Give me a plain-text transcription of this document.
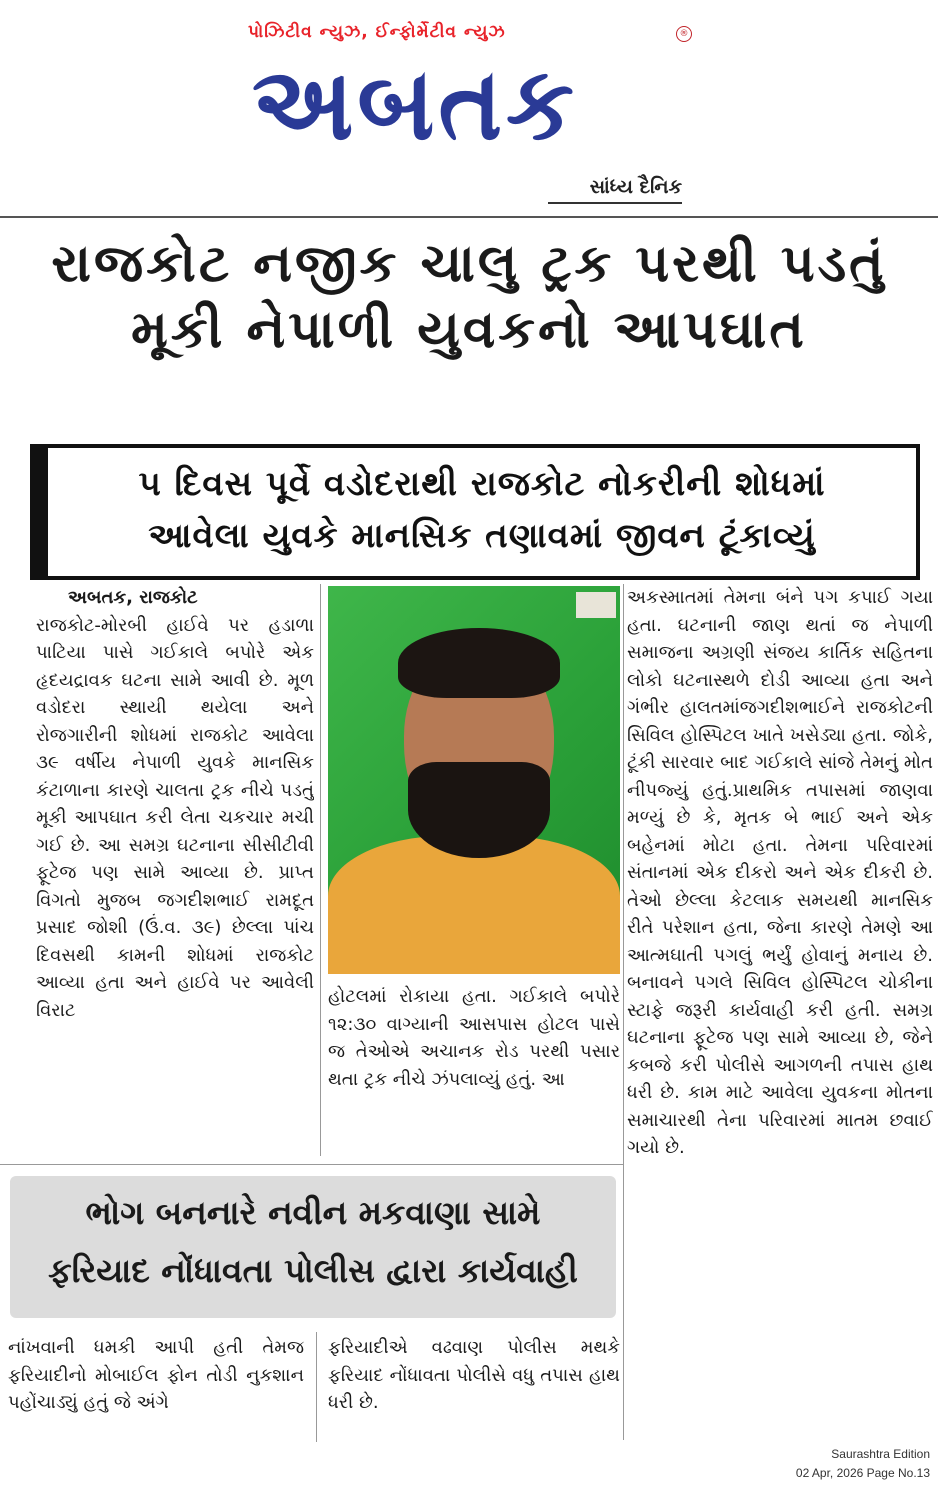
પોઝિટીવ ન્યુઝ, ઈન્ફોર્મેટીવ ન્યુઝ
અબતક
®
સાંધ્ય દૈનિક
રાજકોટ નજીક ચાલુ ટ્રક પરથી પડતું
મૂકી નેપાળી યુવકનો આપઘાત
૫ દિવસ પૂર્વે વડોદરાથી રાજકોટ નોકરીની શોધમાં
આવેલા યુવકે માનસિક તણાવમાં જીવન ટૂંકાવ્યું
અબતક, રાજકોટ
રાજકોટ-મોરબી હાઈવે પર હડાળા પાટિયા પાસે ગઈકાલે બપોરે એક હૃદયદ્રાવક ઘટના સામે આવી છે. મૂળ વડોદરા સ્થાયી થયેલા અને રોજગારીની શોધમાં રાજકોટ આવેલા ૩૯ વર્ષીય નેપાળી યુવકે માનસિક કંટાળાના કારણે ચાલતા ટ્રક નીચે પડતું મૂકી આપઘાત કરી લેતા ચકચાર મચી ગઈ છે. આ સમગ્ર ઘટનાના સીસીટીવી ફૂટેજ પણ સામે આવ્યા છે. પ્રાપ્ત વિગતો મુજબ જગદીશભાઈ રામદૂત પ્રસાદ જોશી (ઉં.વ. ૩૯) છેલ્લા પાંચ દિવસથી કામની શોધમાં રાજકોટ આવ્યા હતા અને હાઈવે પર આવેલી વિરાટ
હોટલમાં રોકાયા હતા. ગઈકાલે બપોરે ૧૨:૩૦ વાગ્યાની આસપાસ હોટલ પાસે જ તેઓએ અચાનક રોડ પરથી પસાર થતા ટ્રક નીચે ઝંપલાવ્યું હતું. આ
અકસ્માતમાં તેમના બંને પગ કપાઈ ગયા હતા. ઘટનાની જાણ થતાં જ નેપાળી સમાજના અગ્રણી સંજય કાર્તિક સહિતના લોકો ઘટનાસ્થળે દોડી આવ્યા હતા અને ગંભીર હાલતમાંજગદીશભાઈને રાજકોટની સિવિલ હોસ્પિટલ ખાતે ખસેડ્યા હતા. જોકે, ટૂંકી સારવાર બાદ ગઈકાલે સાંજે તેમનું મોત નીપજ્યું હતું.પ્રાથમિક તપાસમાં જાણવા મળ્યું છે કે, મૃતક બે ભાઈ અને એક બહેનમાં મોટા હતા. તેમના પરિવારમાં સંતાનમાં એક દીકરો અને એક દીકરી છે. તેઓ છેલ્લા કેટલાક સમયથી માનસિક રીતે પરેશાન હતા, જેના કારણે તેમણે આ આત્મઘાતી પગલું ભર્યું હોવાનું મનાય છે. બનાવને પગલે સિવિલ હોસ્પિટલ ચોકીના સ્ટાફે જરૂરી કાર્યવાહી કરી હતી. સમગ્ર ઘટનાના ફૂટેજ પણ સામે આવ્યા છે, જેને કબજે કરી પોલીસે આગળની તપાસ હાથ ધરી છે. કામ માટે આવેલા યુવકના મોતના સમાચારથી તેના પરિવારમાં માતમ છવાઈ ગયો છે.
ભોગ બનનારે નવીન મકવાણા સામે
ફરિયાદ નોંધાવતા પોલીસ દ્વારા કાર્યવાહી
નાંખવાની ધમકી આપી હતી તેમજ ફરિયાદીનો મોબાઈલ ફોન તોડી નુકશાન પહોંચાડ્યું હતું જે અંગે
ફરિયાદીએ વઢવાણ પોલીસ મથકે ફરિયાદ નોંધાવતા પોલીસે વધુ તપાસ હાથ ધરી છે.
Saurashtra Edition
02 Apr, 2026 Page No.13
